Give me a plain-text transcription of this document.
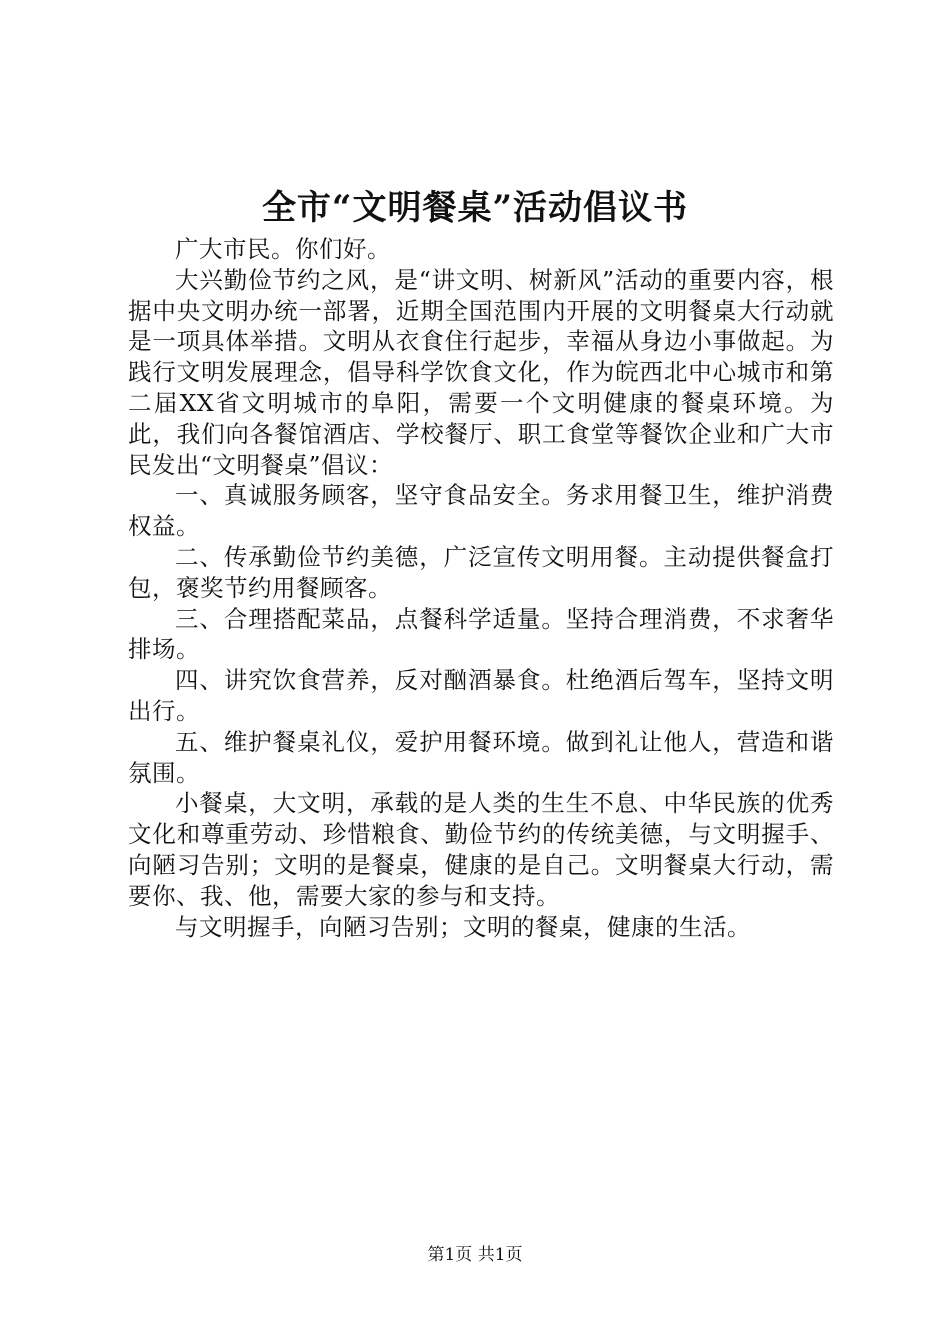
全市“文明餐桌”活动倡议书

广大市民。你们好。

大兴勤俭节约之风，是“讲文明、树新风”活动的重要内容，根据中央文明办统一部署，近期全国范围内开展的文明餐桌大行动就是一项具体举措。文明从衣食住行起步，幸福从身边小事做起。为践行文明发展理念，倡导科学饮食文化，作为皖西北中心城市和第二届XX省文明城市的阜阳，需要一个文明健康的餐桌环境。为此，我们向各餐馆酒店、学校餐厅、职工食堂等餐饮企业和广大市民发出“文明餐桌”倡议：

一、真诚服务顾客，坚守食品安全。务求用餐卫生，维护消费权益。

二、传承勤俭节约美德，广泛宣传文明用餐。主动提供餐盒打包，褒奖节约用餐顾客。

三、合理搭配菜品，点餐科学适量。坚持合理消费，不求奢华排场。

四、讲究饮食营养，反对酗酒暴食。杜绝酒后驾车，坚持文明出行。

五、维护餐桌礼仪，爱护用餐环境。做到礼让他人，营造和谐氛围。

小餐桌，大文明，承载的是人类的生生不息、中华民族的优秀文化和尊重劳动、珍惜粮食、勤俭节约的传统美德，与文明握手、向陋习告别；文明的是餐桌，健康的是自己。文明餐桌大行动，需要你、我、他，需要大家的参与和支持。

与文明握手，向陋习告别；文明的餐桌，健康的生活。

第1页 共1页
